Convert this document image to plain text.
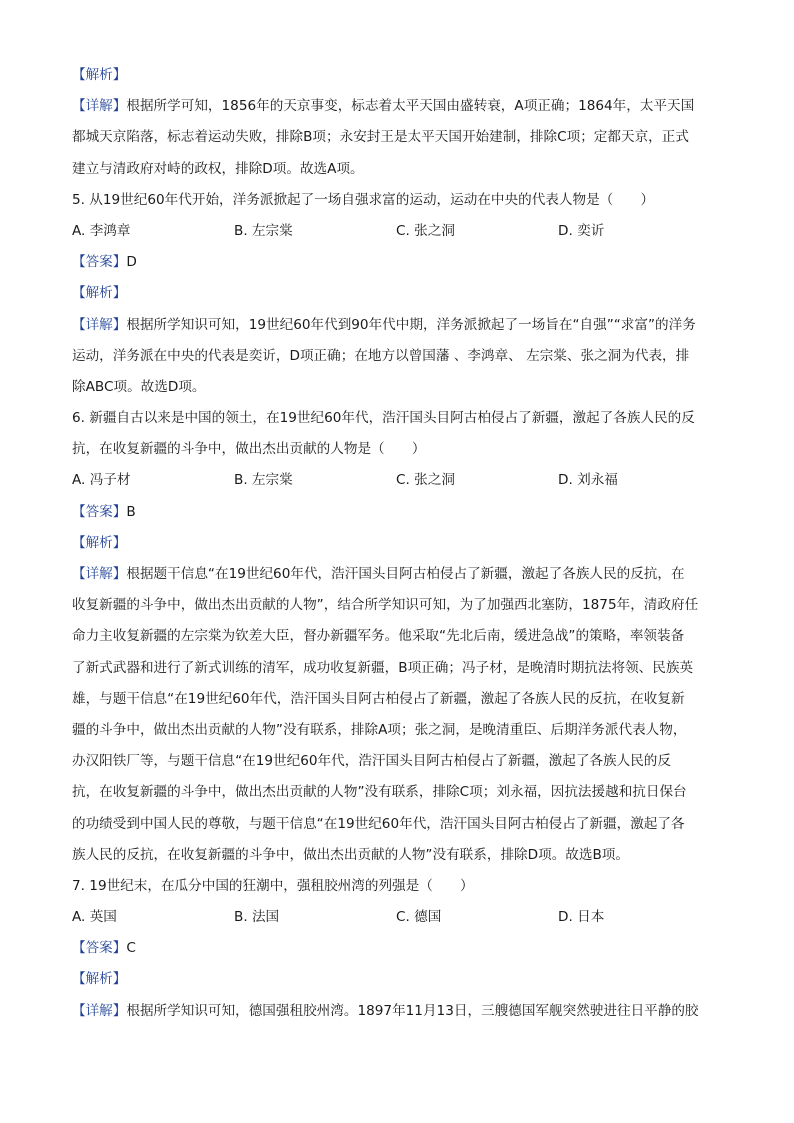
【解析】
【详解】根据所学可知，1856年的天京事变，标志着太平天国由盛转衰，A项正确；1864年，太平天国
都城天京陷落，标志着运动失败，排除B项；永安封王是太平天国开始建制，排除C项；定都天京，正式
建立与清政府对峙的政权，排除D项。故选A项。
5. 从19世纪60年代开始，洋务派掀起了一场自强求富的运动，运动在中央的代表人物是（　　）
A. 李鸿章	B. 左宗棠	C. 张之洞	D. 奕䜣
【答案】D
【解析】
【详解】根据所学知识可知，19世纪60年代到90年代中期，洋务派掀起了一场旨在“自强”“求富”的洋务
运动，洋务派在中央的代表是奕䜣，D项正确；在地方以曾国藩 、李鸿章、 左宗棠、张之洞为代表，排
除ABC项。故选D项。
6. 新疆自古以来是中国的领土，在19世纪60年代，浩汗国头目阿古柏侵占了新疆，激起了各族人民的反
抗，在收复新疆的斗争中，做出杰出贡献的人物是（　　）
A. 冯子材	B. 左宗棠	C. 张之洞	D. 刘永福
【答案】B
【解析】
【详解】根据题干信息“在19世纪60年代，浩汗国头目阿古柏侵占了新疆，激起了各族人民的反抗，在
收复新疆的斗争中，做出杰出贡献的人物”，结合所学知识可知，为了加强西北塞防，1875年，清政府任
命力主收复新疆的左宗棠为钦差大臣，督办新疆军务。他采取“先北后南，缓进急战”的策略，率领装备
了新式武器和进行了新式训练的清军，成功收复新疆，B项正确；冯子材，是晚清时期抗法将领、民族英
雄，与题干信息“在19世纪60年代，浩汗国头目阿古柏侵占了新疆，激起了各族人民的反抗，在收复新
疆的斗争中，做出杰出贡献的人物”没有联系，排除A项；张之洞，是晚清重臣、后期洋务派代表人物，
办汉阳铁厂等，与题干信息“在19世纪60年代，浩汗国头目阿古柏侵占了新疆，激起了各族人民的反
抗，在收复新疆的斗争中，做出杰出贡献的人物”没有联系，排除C项；刘永福，因抗法援越和抗日保台
的功绩受到中国人民的尊敬，与题干信息“在19世纪60年代，浩汗国头目阿古柏侵占了新疆，激起了各
族人民的反抗，在收复新疆的斗争中，做出杰出贡献的人物”没有联系，排除D项。故选B项。
7. 19世纪末，在瓜分中国的狂潮中，强租胶州湾的列强是（　　）
A. 英国	B. 法国	C. 德国	D. 日本
【答案】C
【解析】
【详解】根据所学知识可知，德国强租胶州湾。1897年11月13日，三艘德国军舰突然驶进往日平静的胶
